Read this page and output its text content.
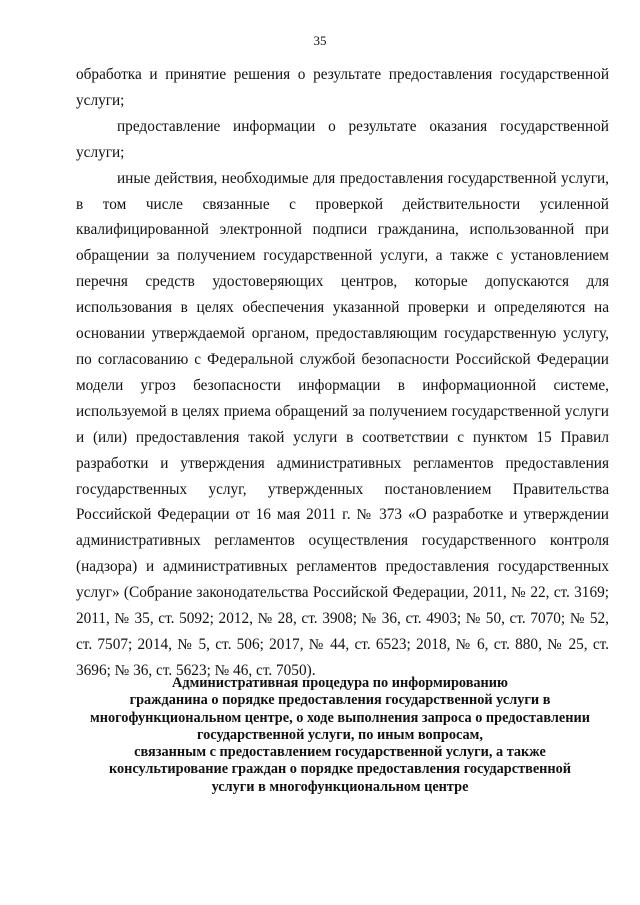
35

обработка и принятие решения о результате предоставления государственной услуги;

предоставление информации о результате оказания государственной услуги;

иные действия, необходимые для предоставления государственной услуги, в том числе связанные с проверкой действительности усиленной квалифицированной электронной подписи гражданина, использованной при обращении за получением государственной услуги, а также с установлением перечня средств удостоверяющих центров, которые допускаются для использования в целях обеспечения указанной проверки и определяются на основании утверждаемой органом, предоставляющим государственную услугу, по согласованию с Федеральной службой безопасности Российской Федерации модели угроз безопасности информации в информационной системе, используемой в целях приема обращений за получением государственной услуги и (или) предоставления такой услуги в соответствии с пунктом 15 Правил разработки и утверждения административных регламентов предоставления государственных услуг, утвержденных постановлением Правительства Российской Федерации от 16 мая 2011 г. № 373 «О разработке и утверждении административных регламентов осуществления государственного контроля (надзора) и административных регламентов предоставления государственных услуг» (Собрание законодательства Российской Федерации, 2011, № 22, ст. 3169; 2011, № 35, ст. 5092; 2012, № 28, ст. 3908; № 36, ст. 4903; № 50, ст. 7070; № 52, ст. 7507; 2014, № 5, ст. 506; 2017, № 44, ст. 6523; 2018, № 6, ст. 880, № 25, ст. 3696; № 36, ст. 5623; № 46, ст. 7050).

Административная процедура по информированию
гражданина о порядке предоставления государственной услуги в
многофункциональном центре, о ходе выполнения запроса о предоставлении
государственной услуги, по иным вопросам,
связанным с предоставлением государственной услуги, а также
консультирование граждан о порядке предоставления государственной
услуги в многофункциональном центре
